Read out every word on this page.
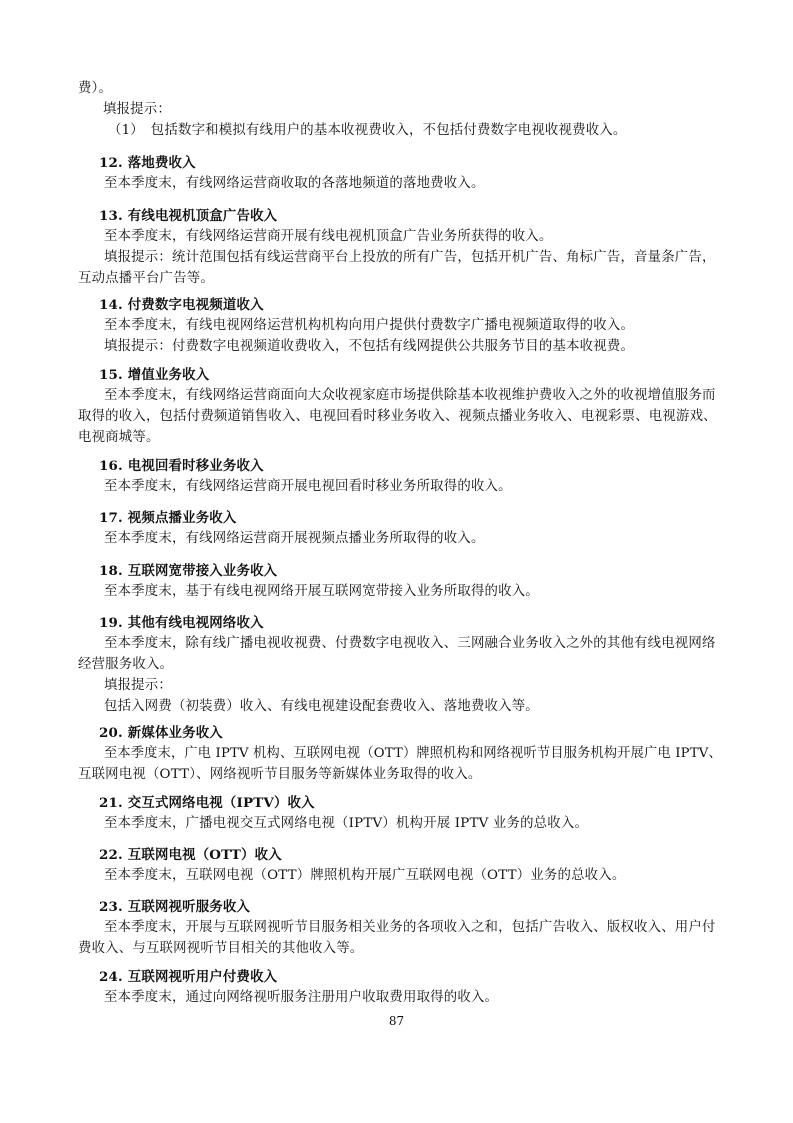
费）。
填报提示：
（1）　包括数字和模拟有线用户的基本收视费收入，不包括付费数字电视收视费收入。
12. 落地费收入
至本季度末，有线网络运营商收取的各落地频道的落地费收入。
13. 有线电视机顶盒广告收入
至本季度末，有线网络运营商开展有线电视机顶盒广告业务所获得的收入。
填报提示：统计范围包括有线运营商平台上投放的所有广告，包括开机广告、角标广告，音量条广告，
互动点播平台广告等。
14. 付费数字电视频道收入
至本季度末，有线电视网络运营机构机构向用户提供付费数字广播电视频道取得的收入。
填报提示：付费数字电视频道收费收入，不包括有线网提供公共服务节目的基本收视费。
15. 增值业务收入
至本季度末，有线网络运营商面向大众收视家庭市场提供除基本收视维护费收入之外的收视增值服务而
取得的收入，包括付费频道销售收入、电视回看时移业务收入、视频点播业务收入、电视彩票、电视游戏、
电视商城等。
16. 电视回看时移业务收入
至本季度末，有线网络运营商开展电视回看时移业务所取得的收入。
17. 视频点播业务收入
至本季度末，有线网络运营商开展视频点播业务所取得的收入。
18. 互联网宽带接入业务收入
至本季度末，基于有线电视网络开展互联网宽带接入业务所取得的收入。
19. 其他有线电视网络收入
至本季度末，除有线广播电视收视费、付费数字电视收入、三网融合业务收入之外的其他有线电视网络
经营服务收入。
填报提示：
包括入网费（初装费）收入、有线电视建设配套费收入、落地费收入等。
20. 新媒体业务收入
至本季度末，广电 IPTV 机构、互联网电视（OTT）牌照机构和网络视听节目服务机构开展广电 IPTV、
互联网电视（OTT）、网络视听节目服务等新媒体业务取得的收入。
21. 交互式网络电视（IPTV）收入
至本季度末，广播电视交互式网络电视（IPTV）机构开展 IPTV 业务的总收入。
22. 互联网电视（OTT）收入
至本季度末，互联网电视（OTT）牌照机构开展广互联网电视（OTT）业务的总收入。
23. 互联网视听服务收入
至本季度末，开展与互联网视听节目服务相关业务的各项收入之和，包括广告收入、版权收入、用户付
费收入、与互联网视听节目相关的其他收入等。
24. 互联网视听用户付费收入
至本季度末，通过向网络视听服务注册用户收取费用取得的收入。
87
